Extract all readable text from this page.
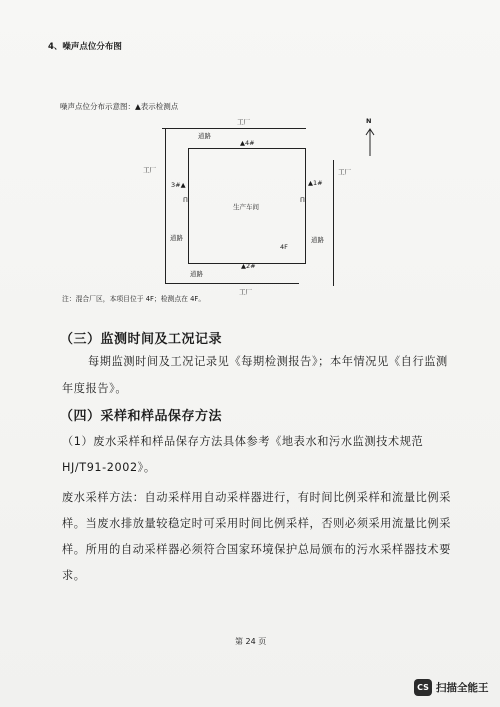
4、噪声点位分布图
噪声点位分布示意图：▲表示检测点
N
工厂
工厂	工厂
工厂
道路
道路	道路
道路
▲4#
▲1#
3#▲
▲2#
П	П
生产车间
4F
注：混合厂区，本项目位于 4F；检测点在 4F。
（三）监测时间及工况记录
每期监测时间及工况记录见《每期检测报告》；本年情况见《自行监测
年度报告》。
（四）采样和样品保存方法
（1）废水采样和样品保存方法具体参考《地表水和污水监测技术规范
HJ/T91-2002》。
废水采样方法：自动采样用自动采样器进行，有时间比例采样和流量比例采
样。当废水排放量较稳定时可采用时间比例采样，否则必须采用流量比例采
样。所用的自动采样器必须符合国家环境保护总局颁布的污水采样器技术要
求。
第 24 页
CS 扫描全能王
